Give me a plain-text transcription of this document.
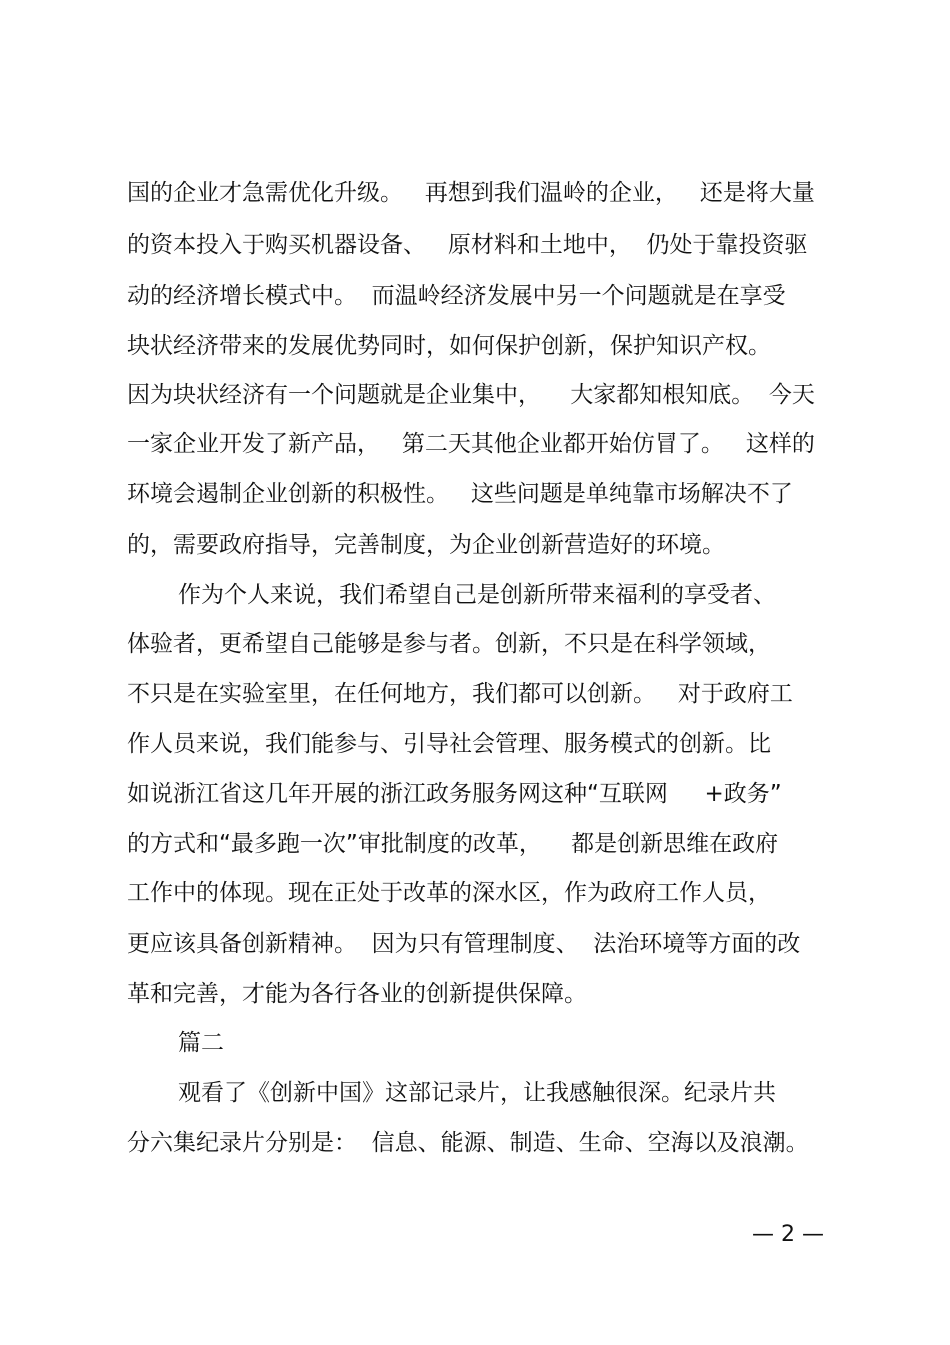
国的企业才急需优化升级。   再想到我们温岭的企业，   还是将大量
的资本投入于购买机器设备、   原材料和土地中，  仍处于靠投资驱
动的经济增长模式中。  而温岭经济发展中另一个问题就是在享受
块状经济带来的发展优势同时，如何保护创新，保护知识产权。
因为块状经济有一个问题就是企业集中，    大家都知根知底。  今天
一家企业开发了新产品，   第二天其他企业都开始仿冒了。   这样的
环境会遏制企业创新的积极性。   这些问题是单纯靠市场解决不了
的，需要政府指导，完善制度，为企业创新营造好的环境。
作为个人来说，我们希望自己是创新所带来福利的享受者、
体验者，更希望自己能够是参与者。创新，不只是在科学领域，
不只是在实验室里，在任何地方，我们都可以创新。   对于政府工
作人员来说，我们能参与、引导社会管理、服务模式的创新。比
如说浙江省这几年开展的浙江政务服务网这种“互联网     +政务”
的方式和“最多跑一次”审批制度的改革，    都是创新思维在政府
工作中的体现。现在正处于改革的深水区，作为政府工作人员，
更应该具备创新精神。  因为只有管理制度、  法治环境等方面的改
革和完善，才能为各行各业的创新提供保障。
篇二
观看了《创新中国》这部记录片，让我感触很深。纪录片共
分六集纪录片分别是：  信息、能源、制造、生命、空海以及浪潮。
— 2 —
